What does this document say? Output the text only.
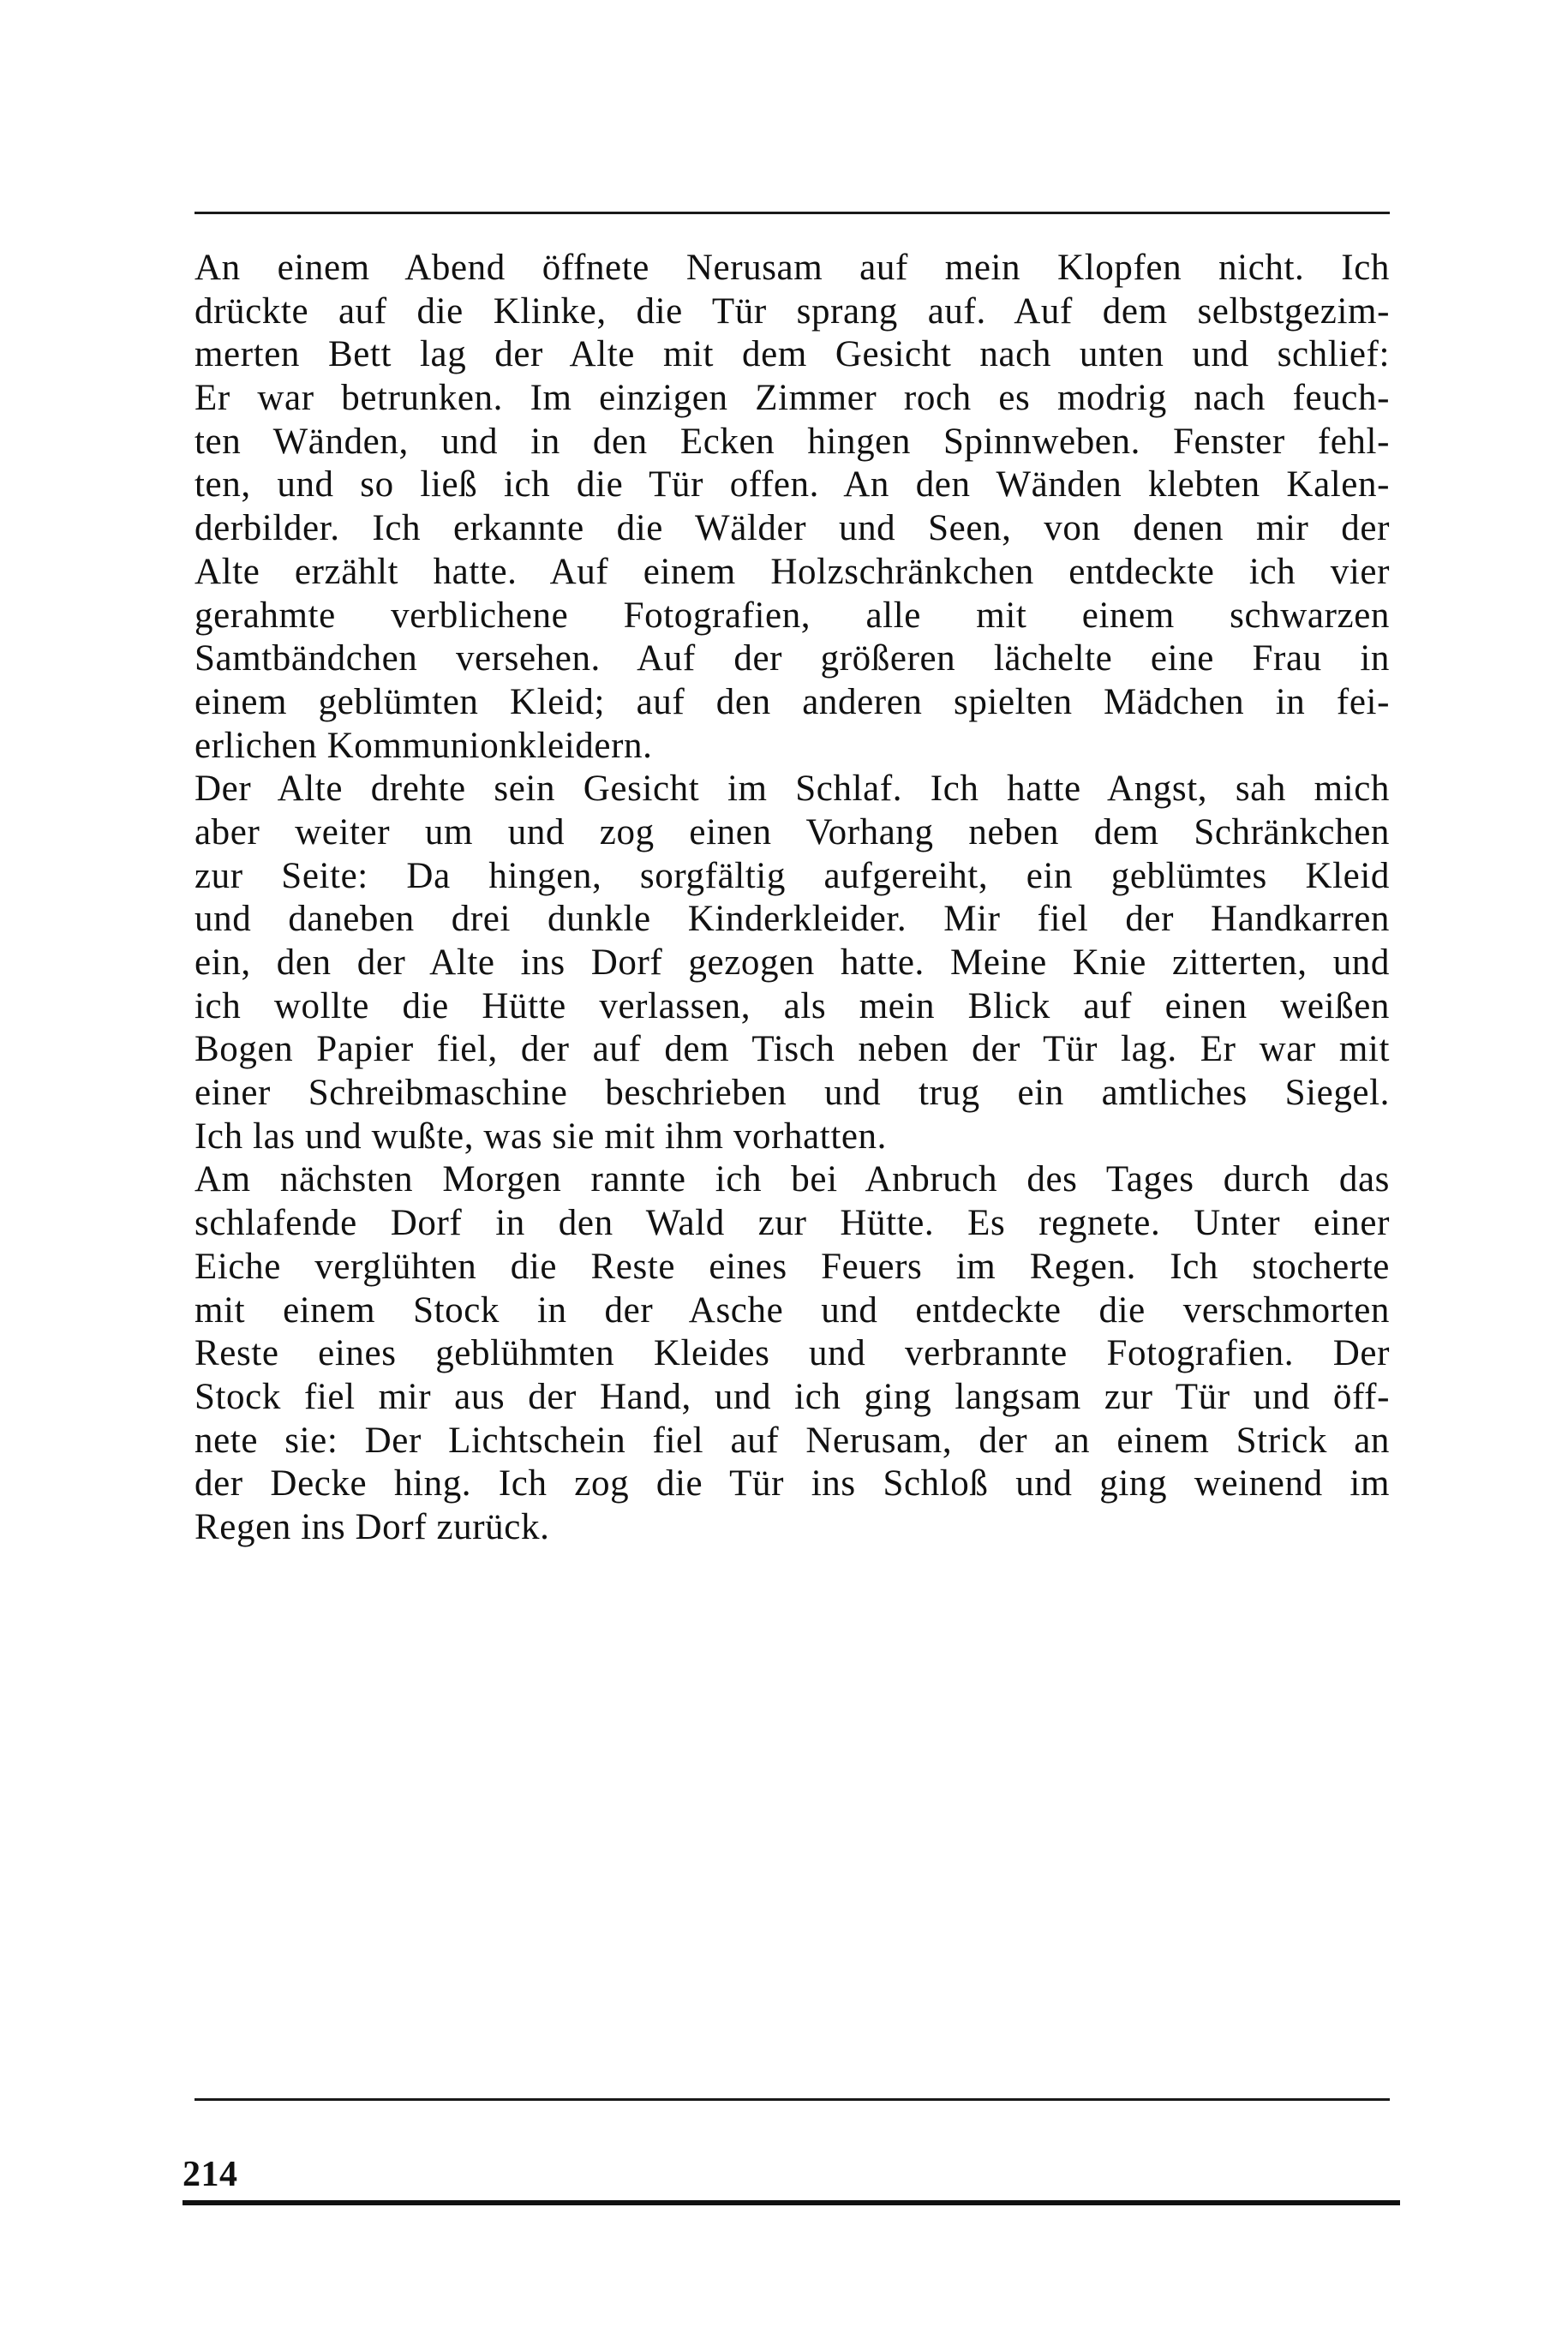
An einem Abend öffnete Nerusam auf mein Klopfen nicht. Ich
drückte auf die Klinke, die Tür sprang auf. Auf dem selbstgezim-
merten Bett lag der Alte mit dem Gesicht nach unten und schlief:
Er war betrunken. Im einzigen Zimmer roch es modrig nach feuch-
ten Wänden, und in den Ecken hingen Spinnweben. Fenster fehl-
ten, und so ließ ich die Tür offen. An den Wänden klebten Kalen-
derbilder. Ich erkannte die Wälder und Seen, von denen mir der
Alte erzählt hatte. Auf einem Holzschränkchen entdeckte ich vier
gerahmte verblichene Fotografien, alle mit einem schwarzen
Samtbändchen versehen. Auf der größeren lächelte eine Frau in
einem geblümten Kleid; auf den anderen spielten Mädchen in fei-
erlichen Kommunionkleidern.
Der Alte drehte sein Gesicht im Schlaf. Ich hatte Angst, sah mich
aber weiter um und zog einen Vorhang neben dem Schränkchen
zur Seite: Da hingen, sorgfältig aufgereiht, ein geblümtes Kleid
und daneben drei dunkle Kinderkleider. Mir fiel der Handkarren
ein, den der Alte ins Dorf gezogen hatte. Meine Knie zitterten, und
ich wollte die Hütte verlassen, als mein Blick auf einen weißen
Bogen Papier fiel, der auf dem Tisch neben der Tür lag. Er war mit
einer Schreibmaschine beschrieben und trug ein amtliches Siegel.
Ich las und wußte, was sie mit ihm vorhatten.
Am nächsten Morgen rannte ich bei Anbruch des Tages durch das
schlafende Dorf in den Wald zur Hütte. Es regnete. Unter einer
Eiche verglühten die Reste eines Feuers im Regen. Ich stocherte
mit einem Stock in der Asche und entdeckte die verschmorten
Reste eines geblühmten Kleides und verbrannte Fotografien. Der
Stock fiel mir aus der Hand, und ich ging langsam zur Tür und öff-
nete sie: Der Lichtschein fiel auf Nerusam, der an einem Strick an
der Decke hing. Ich zog die Tür ins Schloß und ging weinend im
Regen ins Dorf zurück.
214
